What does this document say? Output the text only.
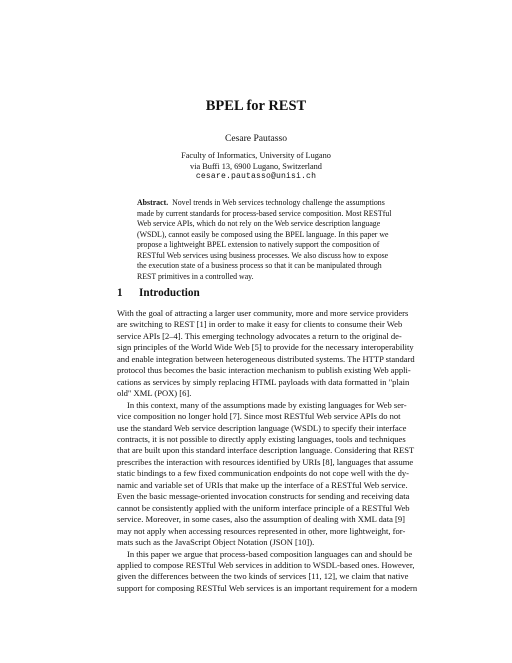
BPEL for REST
Cesare Pautasso
Faculty of Informatics, University of Lugano
via Buffi 13, 6900 Lugano, Switzerland
cesare.pautasso@unisi.ch
Abstract. Novel trends in Web services technology challenge the assumptions
made by current standards for process-based service composition. Most RESTful
Web service APIs, which do not rely on the Web service description language
(WSDL), cannot easily be composed using the BPEL language. In this paper we
propose a lightweight BPEL extension to natively support the composition of
RESTful Web services using business processes. We also discuss how to expose
the execution state of a business process so that it can be manipulated through
REST primitives in a controlled way.
1 Introduction
With the goal of attracting a larger user community, more and more service providers
are switching to REST [1] in order to make it easy for clients to consume their Web
service APIs [2–4]. This emerging technology advocates a return to the original de-
sign principles of the World Wide Web [5] to provide for the necessary interoperability
and enable integration between heterogeneous distributed systems. The HTTP standard
protocol thus becomes the basic interaction mechanism to publish existing Web appli-
cations as services by simply replacing HTML payloads with data formatted in "plain
old" XML (POX) [6].
In this context, many of the assumptions made by existing languages for Web ser-
vice composition no longer hold [7]. Since most RESTful Web service APIs do not
use the standard Web service description language (WSDL) to specify their interface
contracts, it is not possible to directly apply existing languages, tools and techniques
that are built upon this standard interface description language. Considering that REST
prescribes the interaction with resources identified by URIs [8], languages that assume
static bindings to a few fixed communication endpoints do not cope well with the dy-
namic and variable set of URIs that make up the interface of a RESTful Web service.
Even the basic message-oriented invocation constructs for sending and receiving data
cannot be consistently applied with the uniform interface principle of a RESTful Web
service. Moreover, in some cases, also the assumption of dealing with XML data [9]
may not apply when accessing resources represented in other, more lightweight, for-
mats such as the JavaScript Object Notation (JSON [10]).
In this paper we argue that process-based composition languages can and should be
applied to compose RESTful Web services in addition to WSDL-based ones. However,
given the differences between the two kinds of services [11, 12], we claim that native
support for composing RESTful Web services is an important requirement for a modern
